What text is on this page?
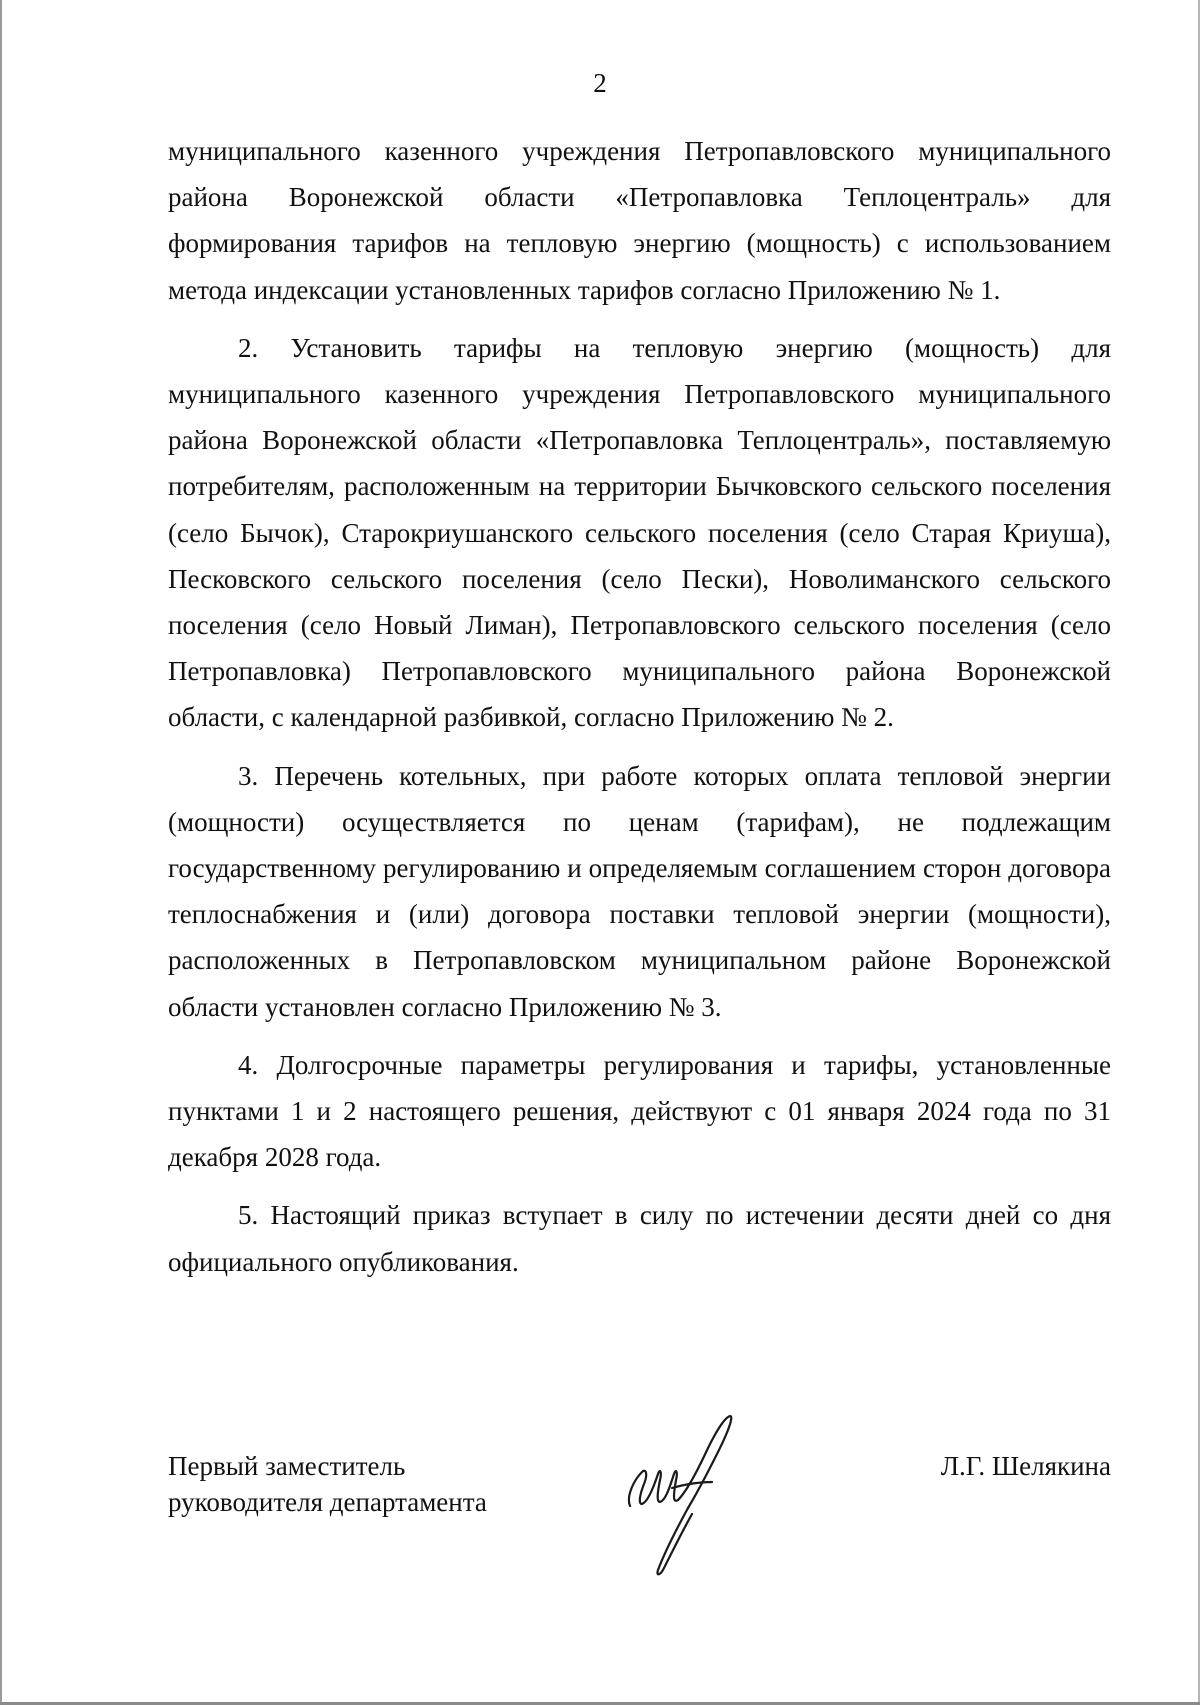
2

муниципального казенного учреждения Петропавловского муниципального района Воронежской области «Петропавловка Теплоцентраль» для формирования тарифов на тепловую энергию (мощность) с использованием метода индексации установленных тарифов согласно Приложению № 1.

2. Установить тарифы на тепловую энергию (мощность) для муниципального казенного учреждения Петропавловского муниципального района Воронежской области «Петропавловка Теплоцентраль», поставляемую потребителям, расположенным на территории Бычковского сельского поселения (село Бычок), Старокриушанского сельского поселения (село Старая Криуша), Песковского сельского поселения (село Пески), Новолиманского сельского поселения (село Новый Лиман), Петропавловского сельского поселения (село Петропавловка) Петропавловского муниципального района Воронежской области, с календарной разбивкой, согласно Приложению № 2.

3. Перечень котельных, при работе которых оплата тепловой энергии (мощности) осуществляется по ценам (тарифам), не подлежащим государственному регулированию и определяемым соглашением сторон договора теплоснабжения и (или) договора поставки тепловой энергии (мощности), расположенных в Петропавловском муниципальном районе Воронежской области установлен согласно Приложению № 3.

4. Долгосрочные параметры регулирования и тарифы, установленные пунктами 1 и 2 настоящего решения, действуют с 01 января 2024 года по 31 декабря 2028 года.

5. Настоящий приказ вступает в силу по истечении десяти дней со дня официального опубликования.

Первый заместитель
руководителя департамента
Л.Г. Шелякина
